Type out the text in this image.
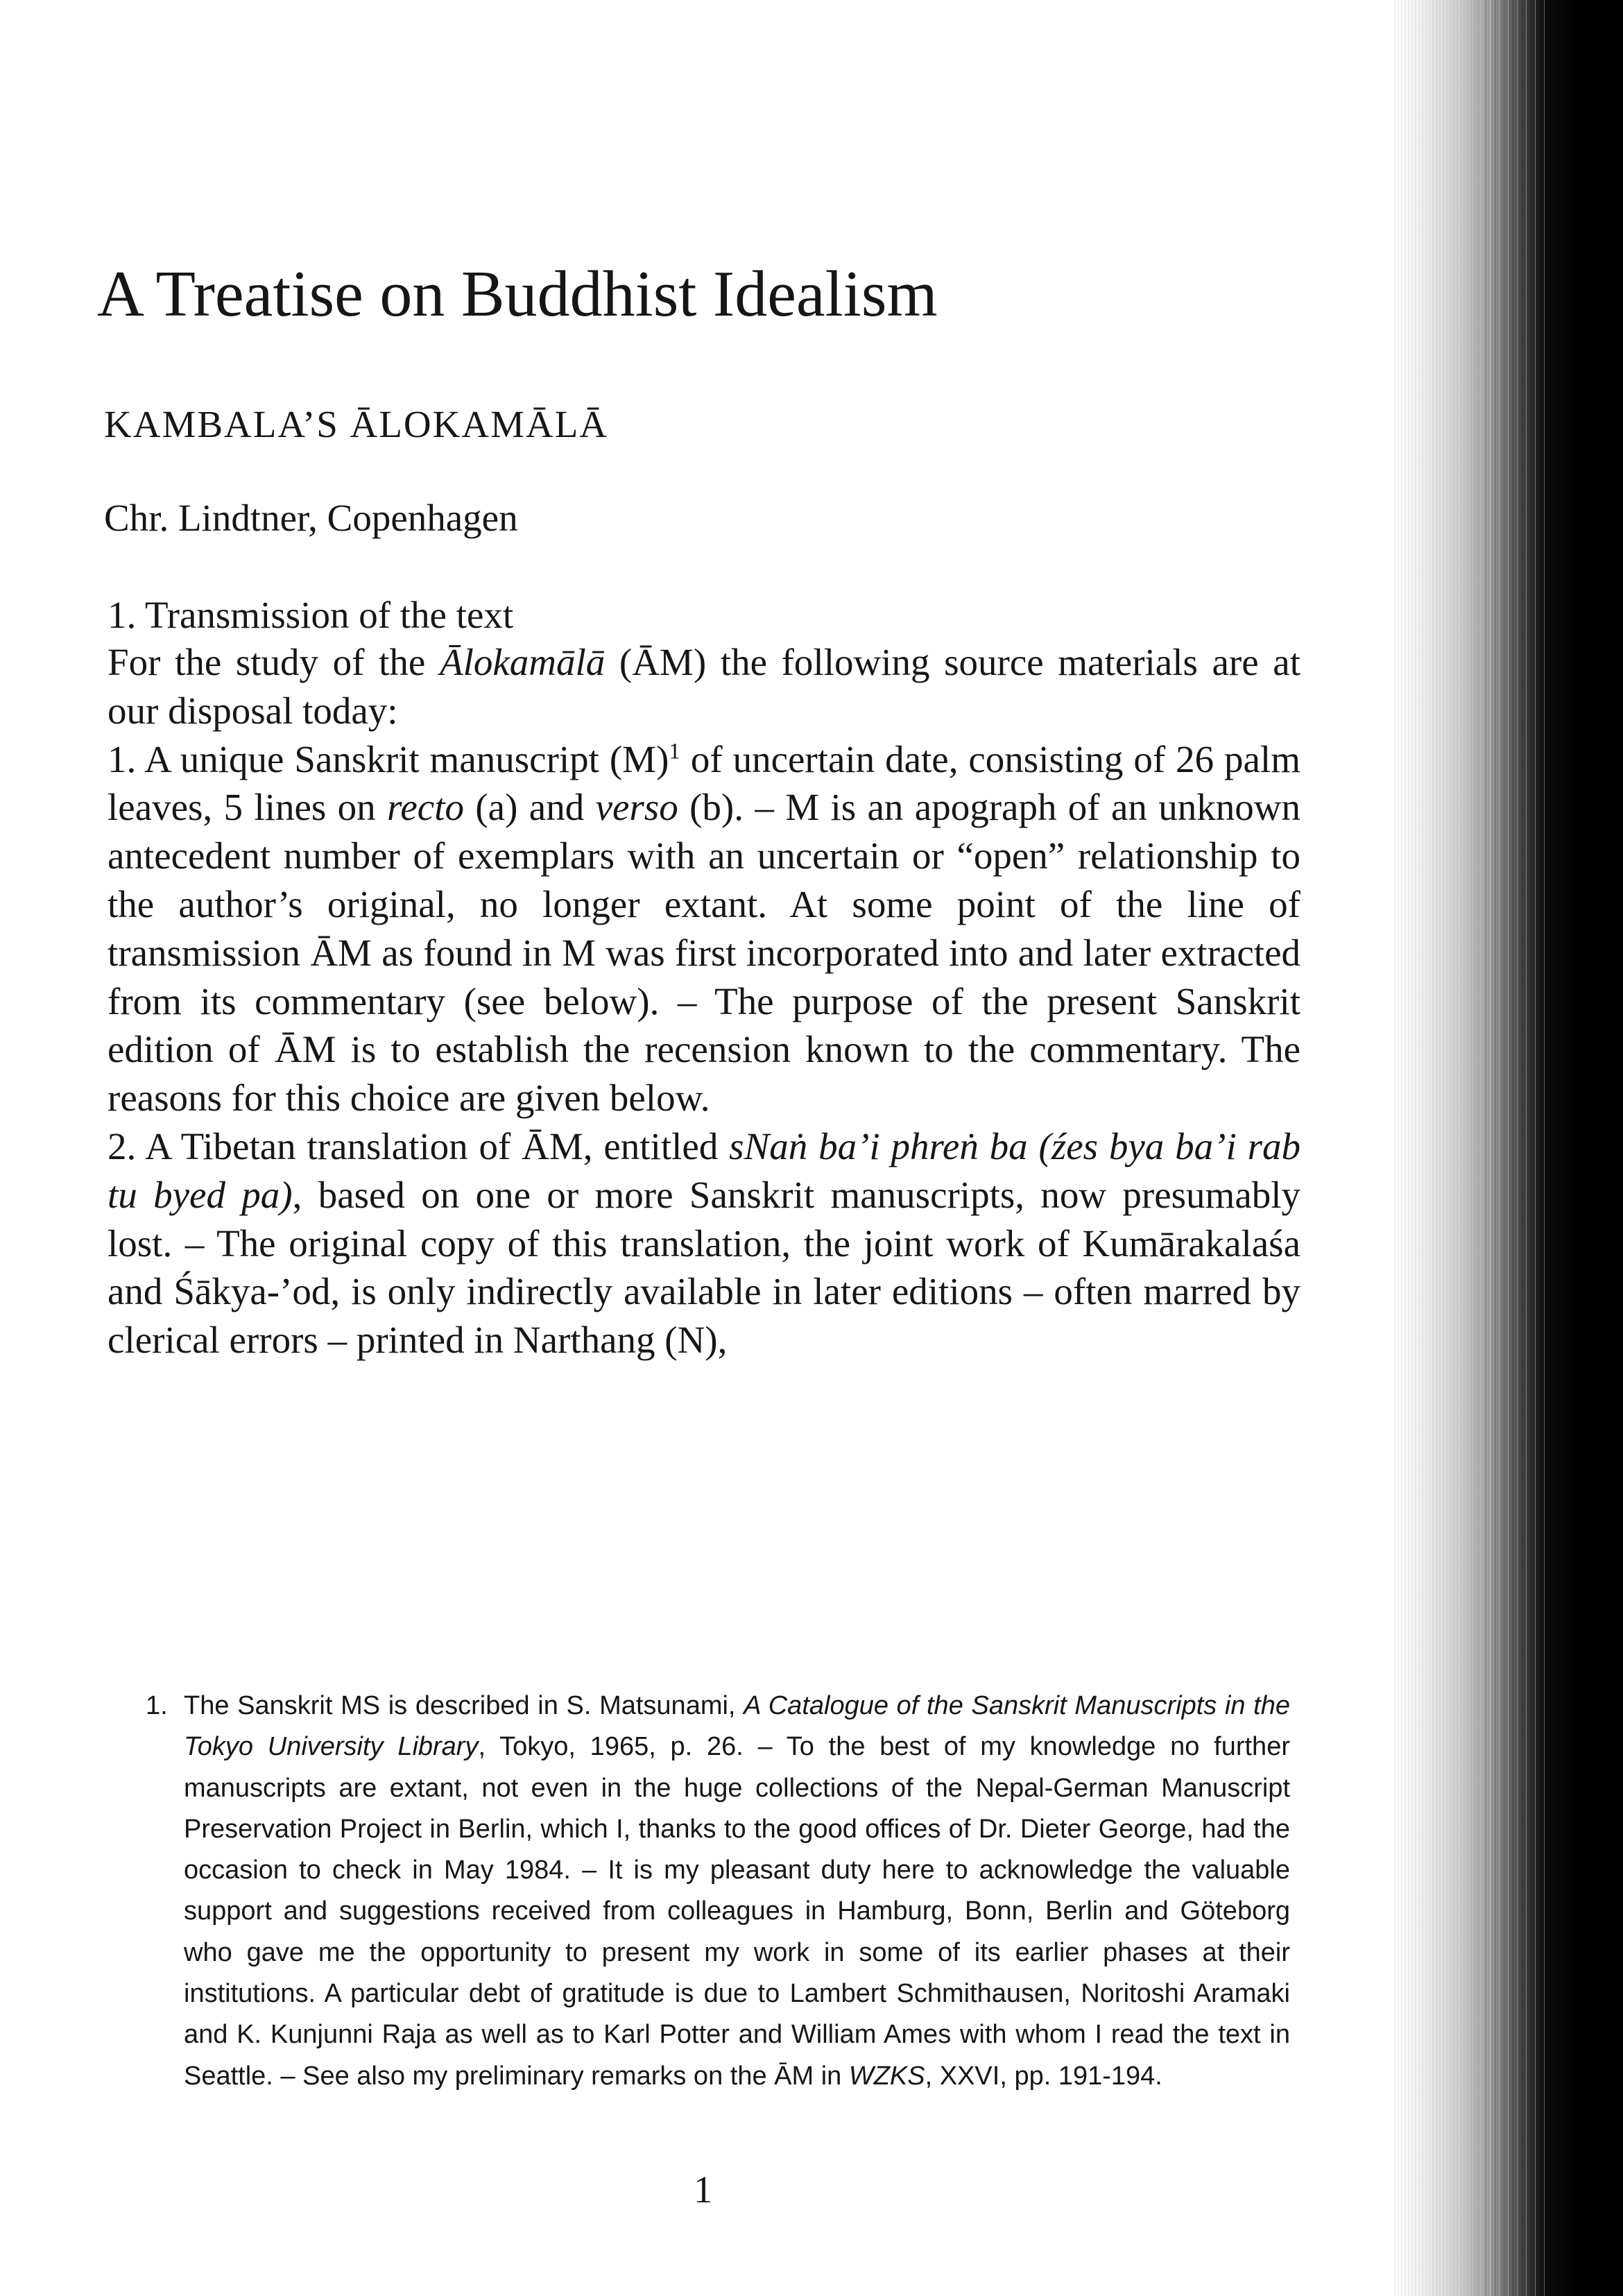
A Treatise on Buddhist Idealism
KAMBALA’S ĀLOKAMĀLĀ
Chr. Lindtner, Copenhagen
1. Transmission of the text

For the study of the Ālokamālā (ĀM) the following source materials are at our disposal today:

1. A unique Sanskrit manuscript $(M)^1$ of uncertain date, consisting of 26 palm leaves, 5 lines on recto (a) and verso (b). – M is an apograph of an unknown antecedent number of exemplars with an uncertain or “open” relationship to the author’s original, no longer extant. At some point of the line of transmission ĀM as found in M was first incorporated into and later extracted from its commentary (see below). – The purpose of the present Sanskrit edition of ĀM is to establish the recension known to the commentary. The reasons for this choice are given below.

2. A Tibetan translation of ĀM, entitled sNaṅ ba’i phreṅ ba (źes bya ba’i rab tu byed pa), based on one or more Sanskrit manuscripts, now presumably lost. – The original copy of this translation, the joint work of Kumārakalaśa and Śākya-’od, is only indirectly available in later editions – often marred by clerical errors – printed in Narthang (N),

1. The Sanskrit MS is described in S. Matsunami, A Catalogue of the Sanskrit Manuscripts in the Tokyo University Library, Tokyo, 1965, p. 26. – To the best of my knowledge no further manuscripts are extant, not even in the huge collections of the Nepal-German Manuscript Preservation Project in Berlin, which I, thanks to the good offices of Dr. Dieter George, had the occasion to check in May 1984. – It is my pleasant duty here to acknowledge the valuable support and suggestions received from colleagues in Hamburg, Bonn, Berlin and Göteborg who gave me the opportunity to present my work in some of its earlier phases at their institutions. A particular debt of gratitude is due to Lambert Schmithausen, Noritoshi Aramaki and K. Kunjunni Raja as well as to Karl Potter and William Ames with whom I read the text in Seattle. – See also my preliminary remarks on the ĀM in WZKS, XXVI, pp. 191-194.
1
